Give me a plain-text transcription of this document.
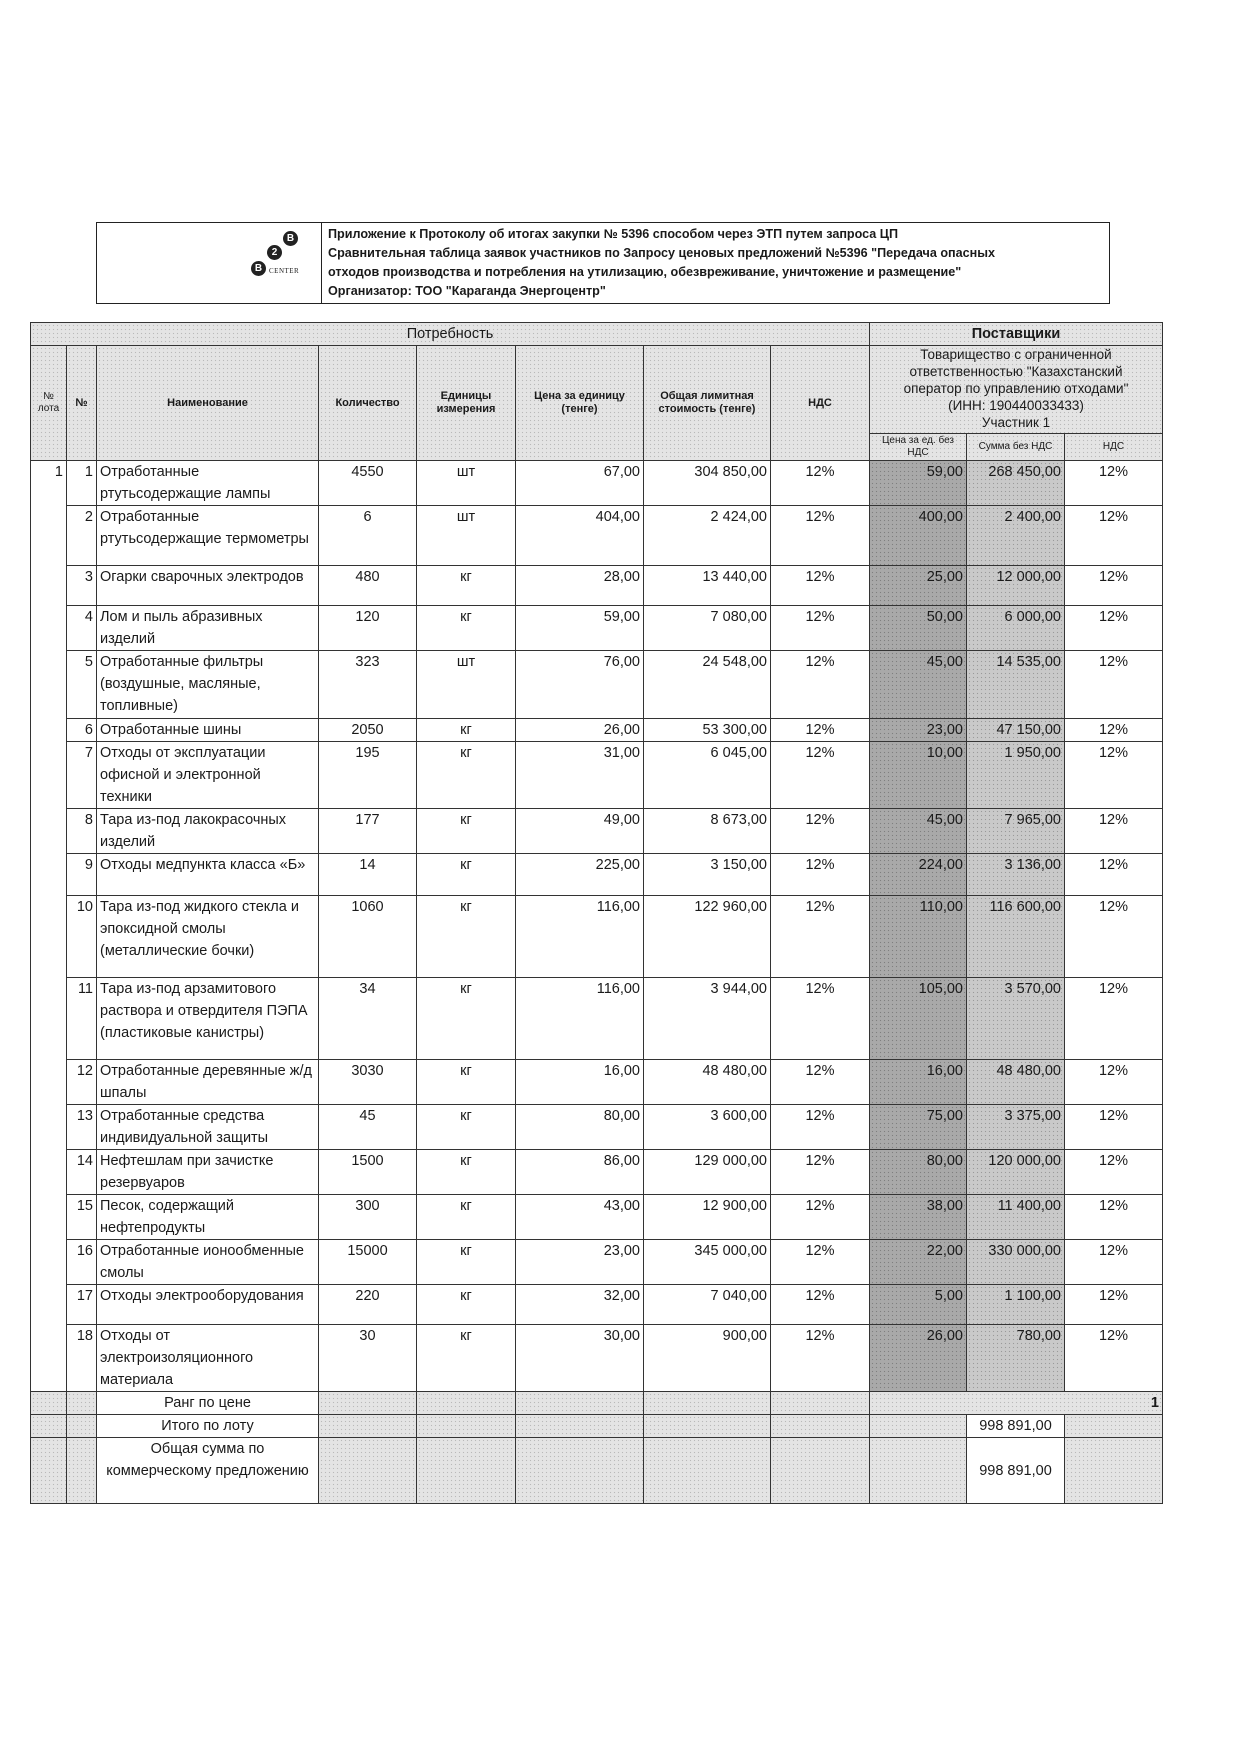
B
2
B
CENTER
Приложение к Протоколу об итогах закупки № 5396 способом через ЭТП путем запроса ЦП
Сравнительная таблица заявок участников по Запросу ценовых предложений №5396 "Передача опасных
отходов производства и потребления на утилизацию, обезвреживание, уничтожение и размещение"
Организатор: ТОО "Караганда Энергоцентр"
Потребность								Поставщики		
№ лота	№	Наименование	Количество	Единицы измерения	Цена за единицу (тенге)	Общая лимитная стоимость (тенге)	НДС	Товарищество с ограниченной
ответственностью "Казахстанский
оператор по управлению отходами"
(ИНН: 190440033433)
Участник 1		

								Цена за ед. без НДС	Сумма без НДС	НДС
1	1	Отработанные ртутьсодержащие лампы	4550	шт	67,00	304 850,00	12%	59,00	268 450,00	12%
	2	Отработанные ртутьсодержащие термометры	6	шт	404,00	2 424,00	12%	400,00	2 400,00	12%
	3	Огарки сварочных электродов	480	кг	28,00	13 440,00	12%	25,00	12 000,00	12%
	4	Лом и пыль абразивных изделий	120	кг	59,00	7 080,00	12%	50,00	6 000,00	12%
	5	Отработанные фильтры (воздушные, масляные, топливные)	323	шт	76,00	24 548,00	12%	45,00	14 535,00	12%
	6	Отработанные шины	2050	кг	26,00	53 300,00	12%	23,00	47 150,00	12%
	7	Отходы от эксплуатации офисной и электронной техники	195	кг	31,00	6 045,00	12%	10,00	1 950,00	12%
	8	Тара из-под лакокрасочных изделий	177	кг	49,00	8 673,00	12%	45,00	7 965,00	12%
	9	Отходы медпункта класса «Б»	14	кг	225,00	3 150,00	12%	224,00	3 136,00	12%
	10	Тара из-под жидкого стекла и эпоксидной смолы (металлические бочки)	1060	кг	116,00	122 960,00	12%	110,00	116 600,00	12%
	11	Тара из-под арзамитового раствора и отвердителя ПЭПА (пластиковые канистры)	34	кг	116,00	3 944,00	12%	105,00	3 570,00	12%
	12	Отработанные деревянные ж/д шпалы	3030	кг	16,00	48 480,00	12%	16,00	48 480,00	12%
	13	Отработанные средства индивидуальной защиты	45	кг	80,00	3 600,00	12%	75,00	3 375,00	12%
	14	Нефтешлам при зачистке резервуаров	1500	кг	86,00	129 000,00	12%	80,00	120 000,00	12%
	15	Песок, содержащий нефтепродукты	300	кг	43,00	12 900,00	12%	38,00	11 400,00	12%
	16	Отработанные ионообменные смолы	15000	кг	23,00	345 000,00	12%	22,00	330 000,00	12%
	17	Отходы электрооборудования	220	кг	32,00	7 040,00	12%	5,00	1 100,00	12%
	18	Отходы от электроизоляционного материала	30	кг	30,00	900,00	12%	26,00	780,00	12%
		Ранг по цене						1		
		Итого по лоту							998 891,00	
		Общая сумма по коммерческому предложению							998 891,00	
